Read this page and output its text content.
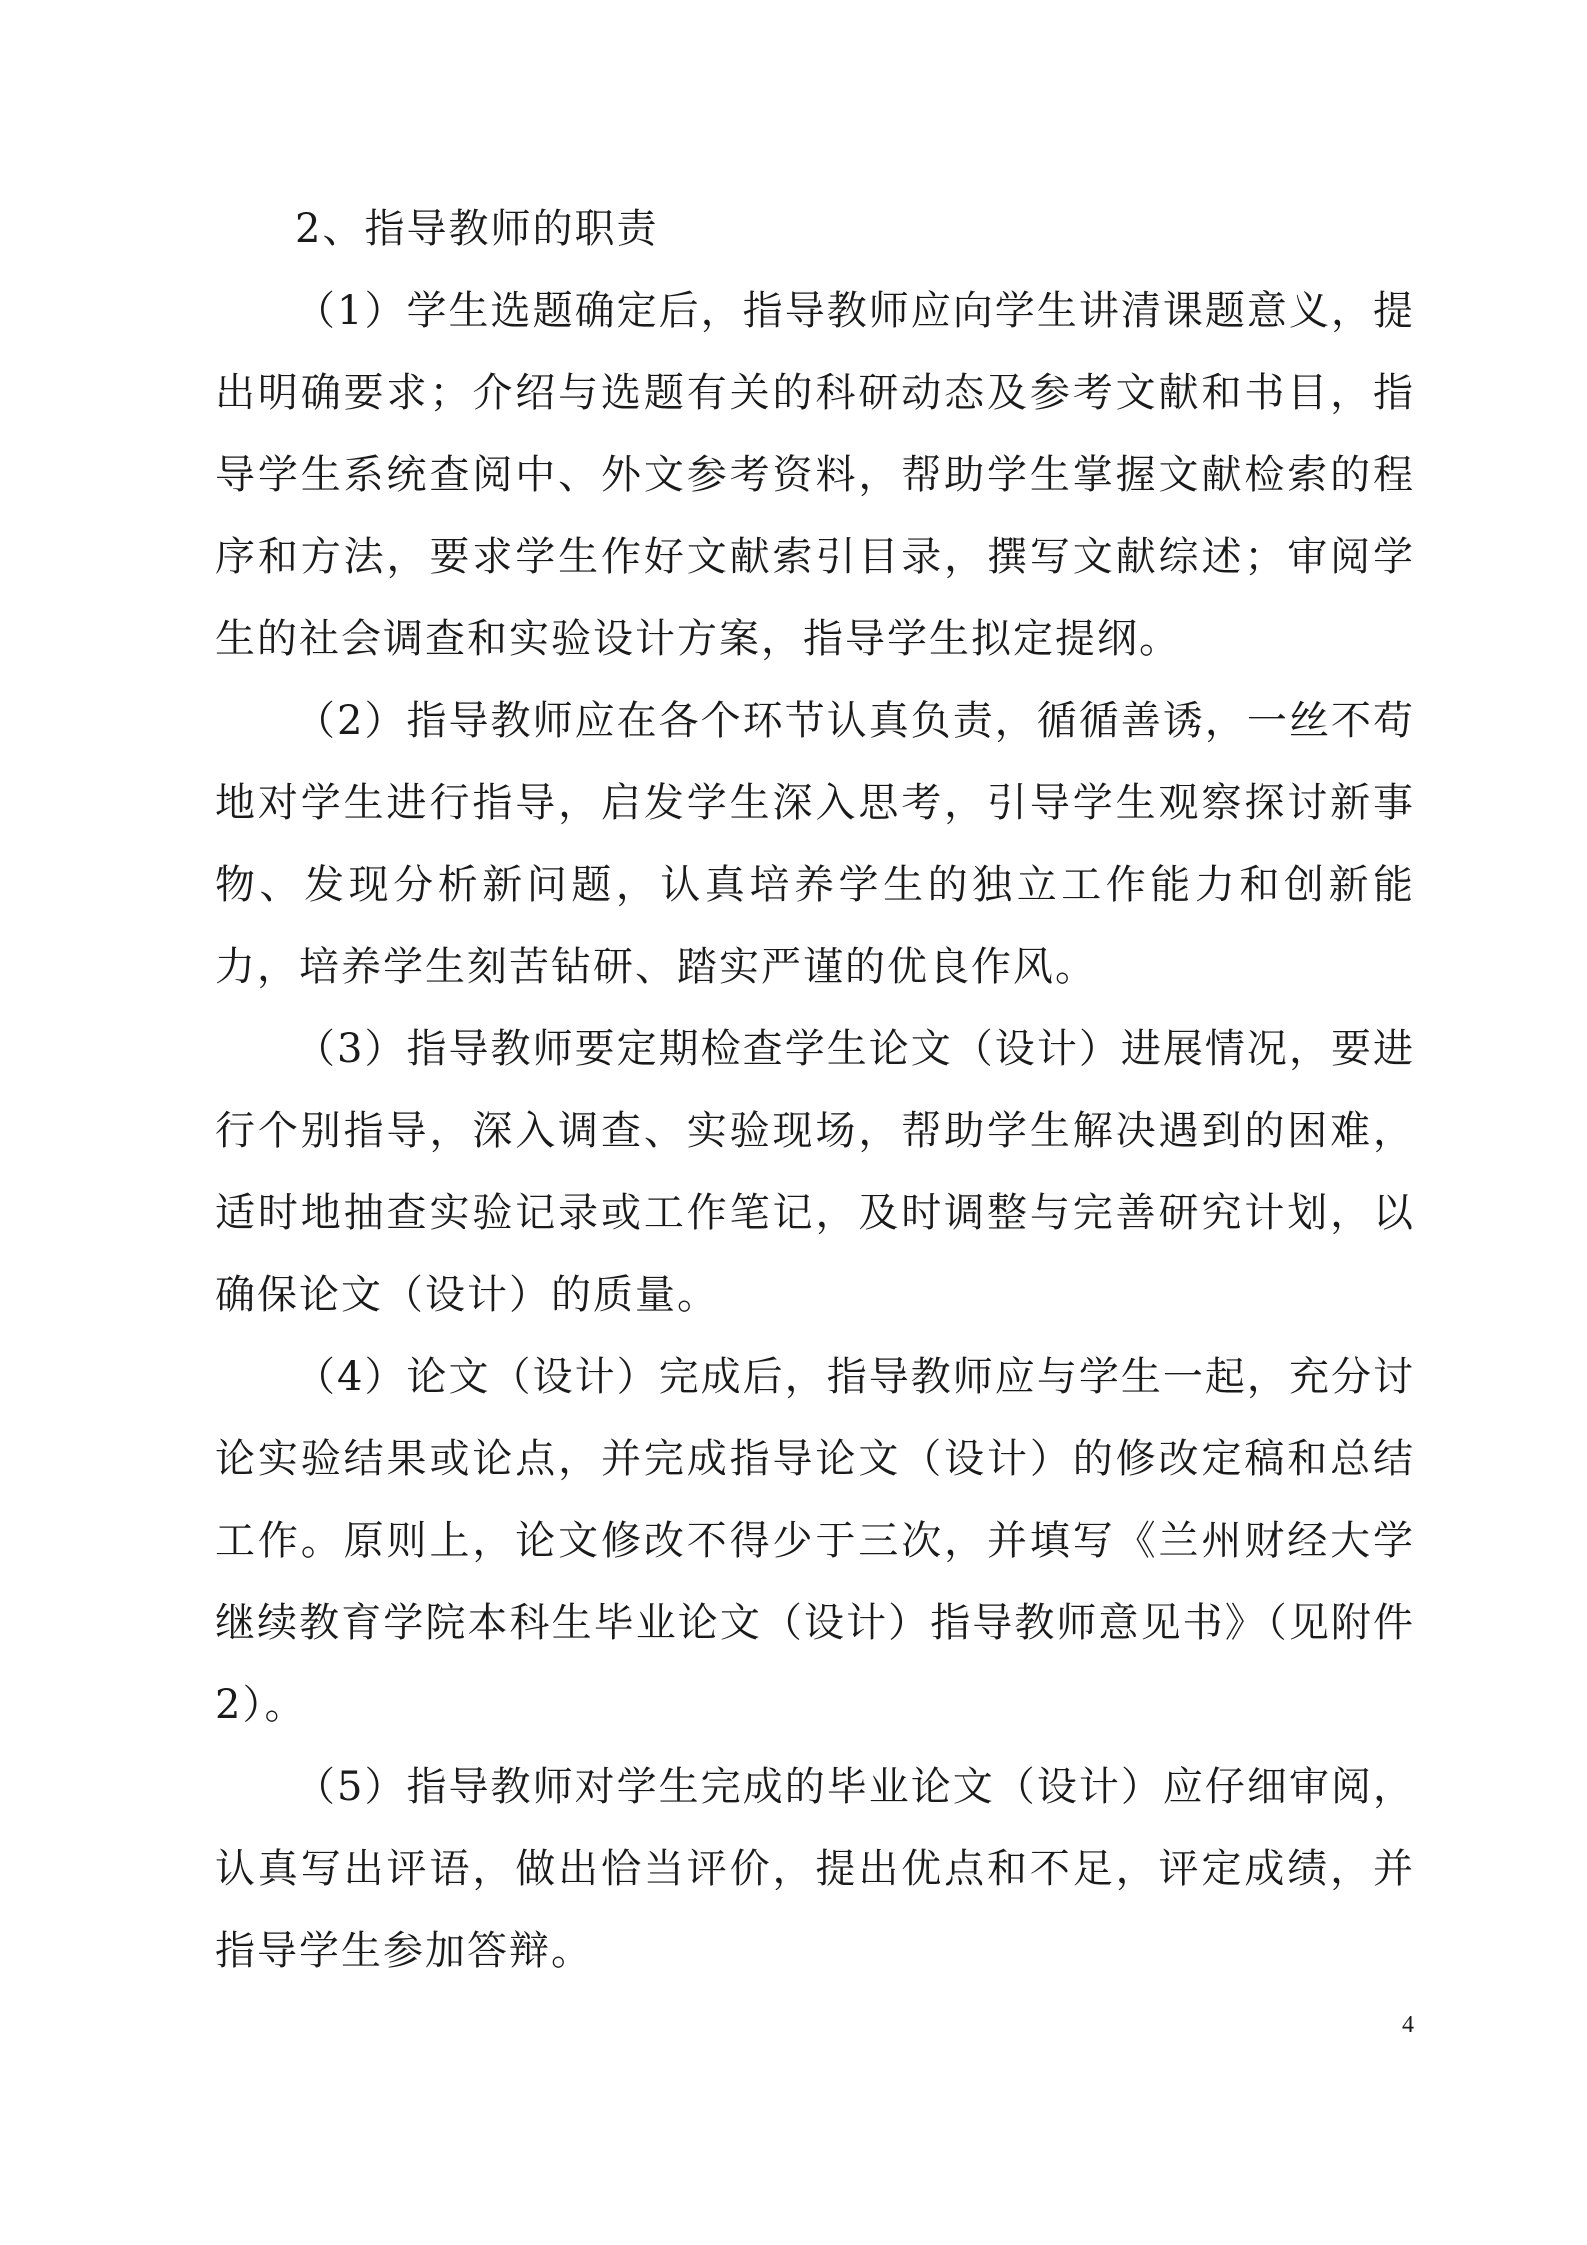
2、指导教师的职责

（1）学生选题确定后，指导教师应向学生讲清课题意义，提出明确要求；介绍与选题有关的科研动态及参考文献和书目，指导学生系统查阅中、外文参考资料，帮助学生掌握文献检索的程序和方法，要求学生作好文献索引目录，撰写文献综述；审阅学生的社会调查和实验设计方案，指导学生拟定提纲。

（2）指导教师应在各个环节认真负责，循循善诱，一丝不苟地对学生进行指导，启发学生深入思考，引导学生观察探讨新事物、发现分析新问题，认真培养学生的独立工作能力和创新能力，培养学生刻苦钻研、踏实严谨的优良作风。

（3）指导教师要定期检查学生论文（设计）进展情况，要进行个别指导，深入调查、实验现场，帮助学生解决遇到的困难，适时地抽查实验记录或工作笔记，及时调整与完善研究计划，以确保论文（设计）的质量。

（4）论文（设计）完成后，指导教师应与学生一起，充分讨论实验结果或论点，并完成指导论文（设计）的修改定稿和总结工作。原则上，论文修改不得少于三次，并填写《兰州财经大学继续教育学院本科生毕业论文（设计）指导教师意见书》（见附件2）。

（5）指导教师对学生完成的毕业论文（设计）应仔细审阅，认真写出评语，做出恰当评价，提出优点和不足，评定成绩，并指导学生参加答辩。

4
